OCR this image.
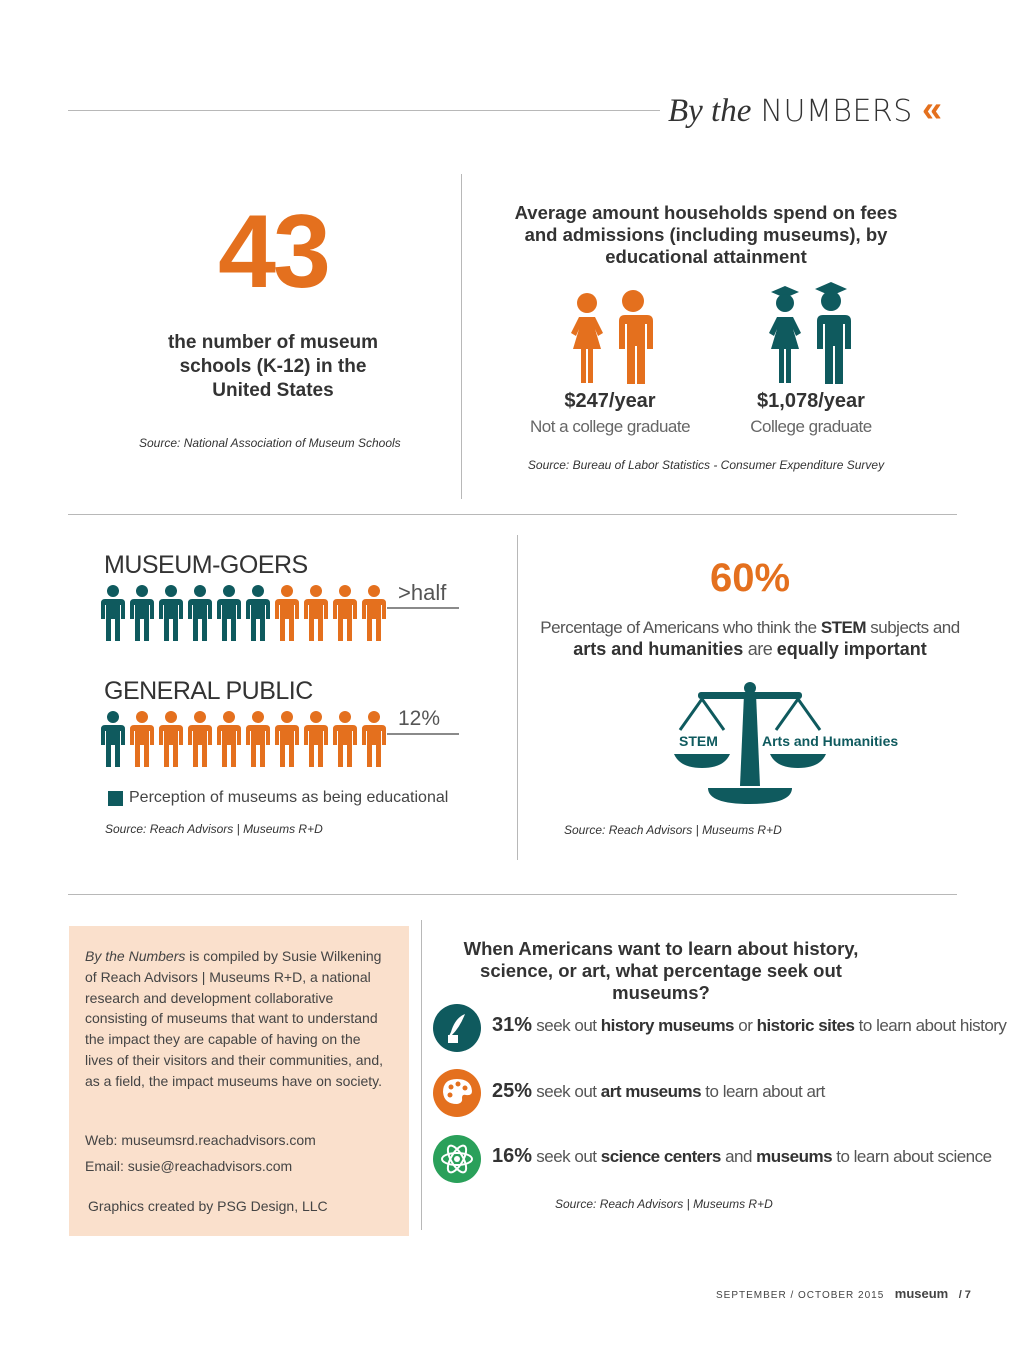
By the NUMBERS «
43
the number of museum schools (K-12) in the United States
Source: National Association of Museum Schools
Average amount households spend on fees and admissions (including museums), by educational attainment
$247/year
Not a college graduate
$1,078/year
College graduate
Source: Bureau of Labor Statistics - Consumer Expenditure Survey
MUSEUM-GOERS
>half
GENERAL PUBLIC
12%
Perception of museums as being educational
Source: Reach Advisors | Museums R+D
60%
Percentage of Americans who think the STEM subjects and
arts and humanities are equally important
STEM	Arts and Humanities
Source: Reach Advisors | Museums R+D
By the Numbers is compiled by Susie Wilkening of Reach Advisors | Museums R+D, a national research and development collaborative consisting of museums that want to understand the impact they are capable of having on the lives of their visitors and their communities, and, as a field, the impact museums have on society.
Web: museumsrd.reachadvisors.com
Email: susie@reachadvisors.com
Graphics created by PSG Design, LLC
When Americans want to learn about history, science, or art, what percentage seek out museums?
31% seek out history museums or historic sites to learn about history
25% seek out art museums to learn about art
16% seek out science centers and museums to learn about science
Source: Reach Advisors | Museums R+D
SEPTEMBER / OCTOBER 2015 museum / 7
